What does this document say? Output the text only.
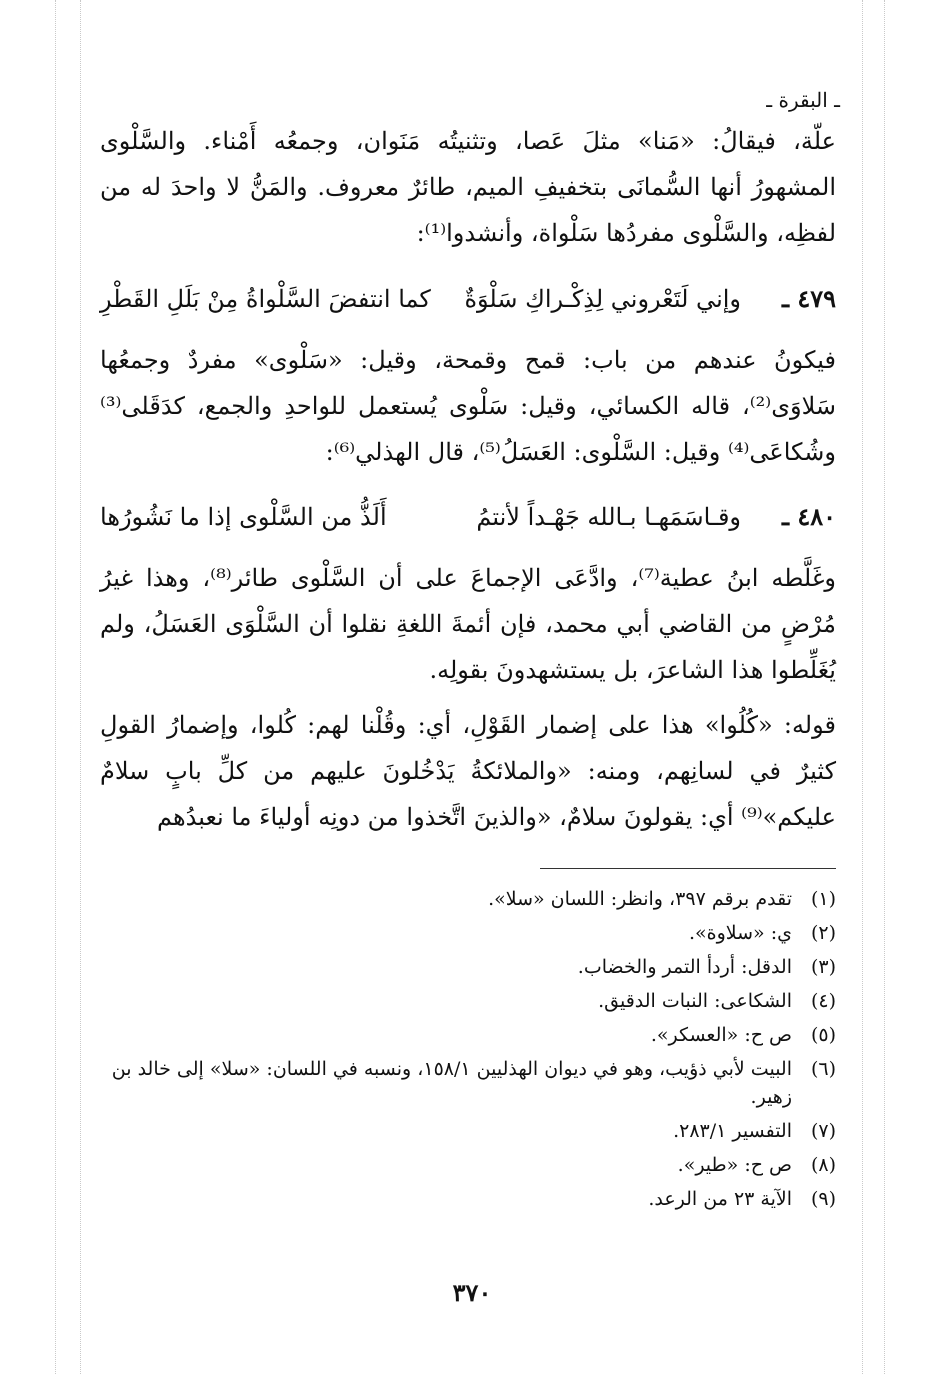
ـ البقرة ـ

علّة، فيقالُ: «مَنا» مثلَ عَصا، وتثنيتُه مَنَوان، وجمعُه أَمْناء. والسَّلْوى المشهورُ أنها السُّمانَى بتخفيفِ الميم، طائرٌ معروف. والمَنُّ لا واحدَ له من لفظِه، والسَّلْوى مفردُها سَلْواة، وأنشدوا⁽¹⁾:

٤٧٩ ـ
وإني لَتَعْروني لِذِكْـراكِ سَلْوَةٌ
كما انتفضَ السَّلْواةُ مِنْ بَلَلِ القَطْرِ

فيكونُ عندهم من باب: قمح وقمحة، وقيل: «سَلْوى» مفردٌ وجمعُها سَلاوَى⁽²⁾، قاله الكسائي، وقيل: سَلْوى يُستعمل للواحدِ والجمع، كدَقَلى⁽³⁾ وشُكاعَى⁽⁴⁾ وقيل: السَّلْوى: العَسَلُ⁽⁵⁾، قال الهذلي⁽⁶⁾:

٤٨٠ ـ
وقـاسَمَهـا بـالله جَهْـداً لأنتمُ
أَلَذُّ من السَّلْوى إذا ما نَشُورُها

وغَلَّطه ابنُ عطية⁽⁷⁾، وادَّعَى الإجماعَ على أن السَّلْوى طائر⁽⁸⁾، وهذا غيرُ مُرْضٍ من القاضي أبي محمد، فإن أئمةَ اللغةِ نقلوا أن السَّلْوَى العَسَلُ، ولم يُغَلِّطوا هذا الشاعرَ، بل يستشهدونَ بقولِه.

قوله: «كُلُوا» هذا على إضمار القَوْلِ، أي: وقُلْنا لهم: كُلوا، وإضمارُ القولِ كثيرٌ في لسانِهم، ومنه: «والملائكةُ يَدْخُلونَ عليهم من كلِّ بابٍ سلامٌ عليكم»⁽⁹⁾ أي: يقولونَ سلامٌ، «والذينَ اتَّخذوا من دونِه أولياءَ ما نعبدُهم

(١)
تقدم برقم ٣٩٧، وانظر: اللسان «سلا».
(٢)
ي: «سلاوة».
(٣)
الدقل: أردأ التمر والخضاب.
(٤)
الشكاعى: النبات الدقيق.
(٥)
ص ح: «العسكر».
(٦)
البيت لأبي ذؤيب، وهو في ديوان الهذليين ١٥٨/١، ونسبه في اللسان: «سلا» إلى خالد بن زهير.
(٧)
التفسير ٢٨٣/١.
(٨)
ص ح: «طير».
(٩)
الآية ٢٣ من الرعد.
٣٧٠
